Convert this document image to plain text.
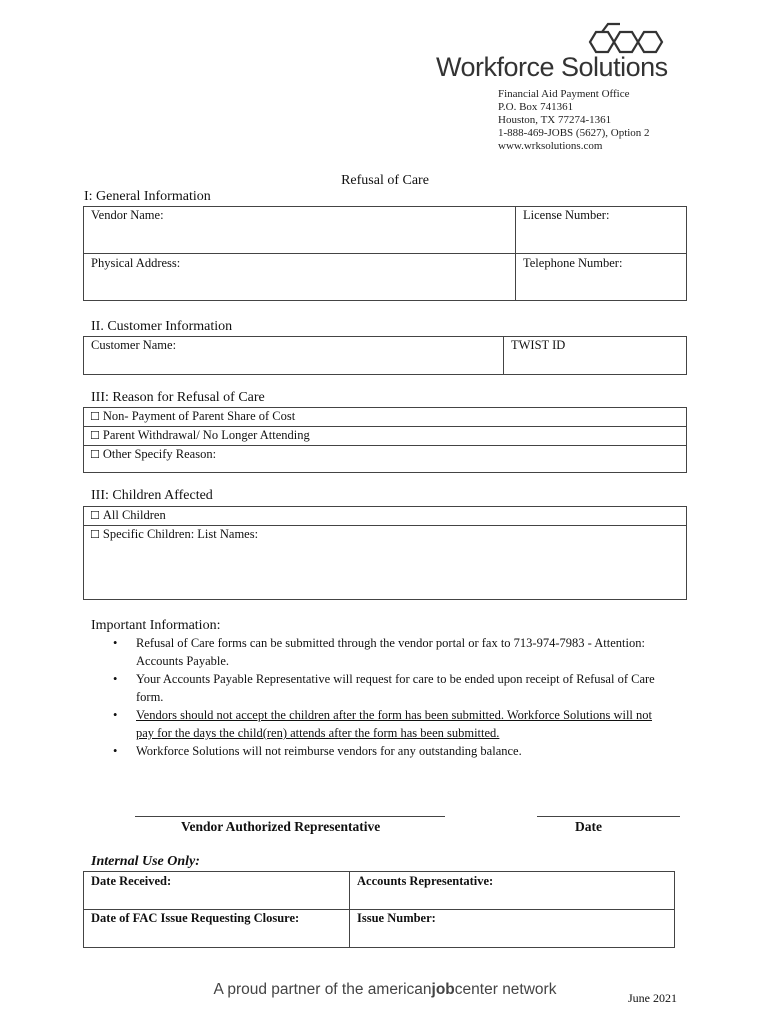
Workforce Solutions
Financial Aid Payment Office
P.O. Box 741361
Houston, TX 77274-1361
1-888-469-JOBS (5627), Option 2
www.wrksolutions.com
Refusal of Care
I: General Information
Vendor Name:	License Number:
Physical Address:	Telephone Number:
II. Customer Information
Customer Name:	TWIST ID
III: Reason for Refusal of Care
☐ Non- Payment of Parent Share of Cost
☐ Parent Withdrawal/ No Longer Attending
☐ Other Specify Reason:
III: Children Affected
☐ All Children
☐ Specific Children: List Names:
Important Information:
• Refusal of Care forms can be submitted through the vendor portal or fax to 713-974-7983 - Attention: Accounts Payable.
• Your Accounts Payable Representative will request for care to be ended upon receipt of Refusal of Care form.
• Vendors should not accept the children after the form has been submitted. Workforce Solutions will not pay for the days the child(ren) attends after the form has been submitted.
• Workforce Solutions will not reimburse vendors for any outstanding balance.
Vendor Authorized Representative	Date
Internal Use Only:
Date Received:	Accounts Representative:
Date of FAC Issue Requesting Closure:	Issue Number:
A proud partner of the americanjobcenter network	June 2021
